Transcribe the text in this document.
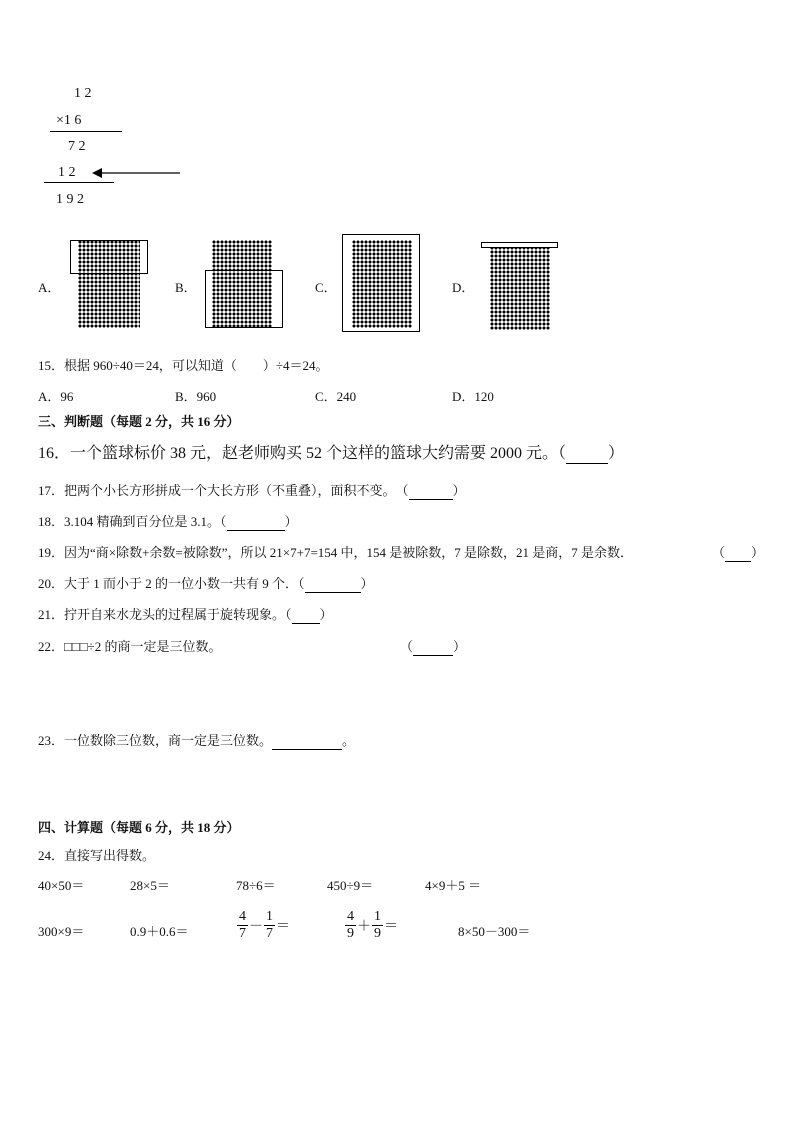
1 2
×1 6
7 2
1 2
1 9 2
A．	B．	C．	D．
15．根据 960÷40＝24，可以知道（　　）÷4＝24。
A．96	B．960	C．240	D．120
三、判断题（每题 2 分，共 16 分）
16．一个篮球标价 38 元，赵老师购买 52 个这样的篮球大约需要 2000 元。（	）
17．把两个小长方形拼成一个大长方形（不重叠），面积不变。　（	）
18．3.104 精确到百分位是 3.1。（	）
19．因为“商×除数+余数=被除数”，所以 21×7+7=154 中，154 是被除数，7 是除数，21 是商，7 是余数．	（ ）
20．大于 1 而小于 2 的一位小数一共有 9 个．（	）
21．拧开自来水龙头的过程属于旋转现象。（ ）
22．□□□÷2 的商一定是三位数。	（	）
23．一位数除三位数，商一定是三位数。	。
四、计算题（每题 6 分，共 18 分）
24．直接写出得数。
40×50＝	28×5＝	78÷6＝	450÷9＝	4×9＋5 ＝
300×9＝	0.9＋0.6＝	$\frac{4}{7} - \frac{1}{7}$ ＝	$\frac{4}{9} + \frac{1}{9}$ ＝	8×50－300＝
